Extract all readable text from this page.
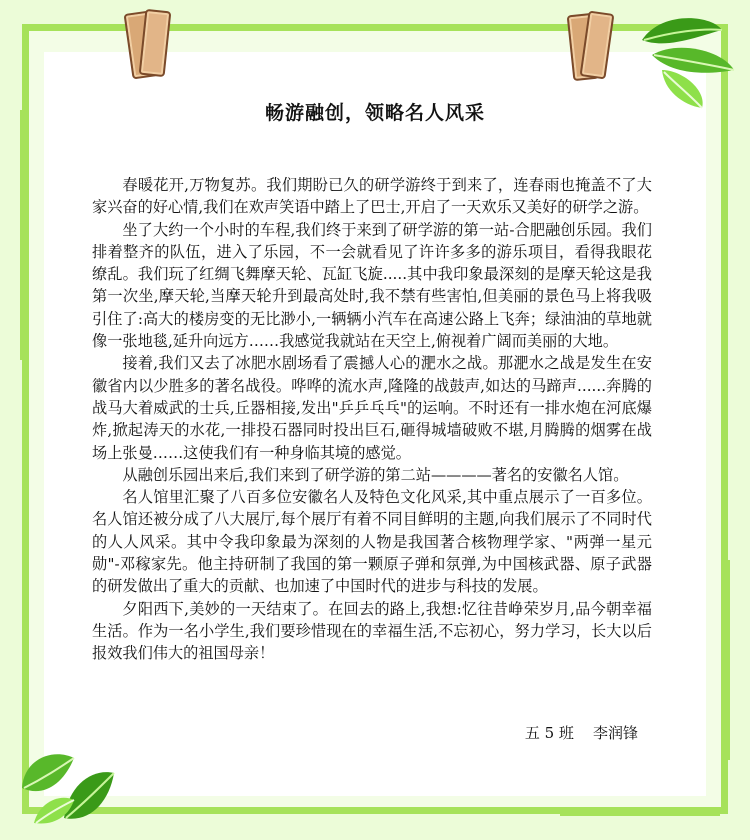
畅游融创，领略名人风采

春暖花开,万物复苏。我们期盼已久的研学游终于到来了，连春雨也掩盖不了大家兴奋的好心情,我们在欢声笑语中踏上了巴士,开启了一天欢乐又美好的研学之游。

坐了大约一个小时的车程,我们终于来到了研学游的第一站-合肥融创乐园。我们排着整齐的队伍，进入了乐园，不一会就看见了许许多多的游乐项目，看得我眼花缭乱。我们玩了红绸飞舞摩天轮、瓦缸飞旋.....其中我印象最深刻的是摩天轮这是我第一次坐,摩天轮,当摩天轮升到最高处时,我不禁有些害怕,但美丽的景色马上将我吸引住了:高大的楼房变的无比渺小,一辆辆小汽车在高速公路上飞奔；绿油油的草地就像一张地毯,延升向远方……我感觉我就站在天空上,俯视着广阔而美丽的大地。

接着,我们又去了冰肥水剧场看了震撼人心的淝水之战。那淝水之战是发生在安徽省内以少胜多的著名战役。哗哗的流水声,隆隆的战鼓声,如达的马蹄声......奔腾的战马大着威武的士兵,丘器相接,发出"乒乒乓乓"的运响。不时还有一排水炮在河底爆炸,掀起涛天的水花,一排投石器同时投出巨石,砸得城墙破败不堪,月腾腾的烟雾在战场上张曼……这使我们有一种身临其境的感觉。

从融创乐园出来后,我们来到了研学游的第二站————著名的安徽名人馆。

名人馆里汇聚了八百多位安徽名人及特色文化风采,其中重点展示了一百多位。名人馆还被分成了八大展厅,每个展厅有着不同目鲜明的主题,向我们展示了不同时代的人人风采。其中令我印象最为深刻的人物是我国著合核物理学家、"两弹一星元勋"-邓稼家先。他主持研制了我国的第一颗原子弹和氛弹,为中国核武器、原子武器的研发做出了重大的贡献、也加速了中国时代的进步与科技的发展。

夕阳西下,美妙的一天结束了。在回去的路上,我想:忆往昔峥荣岁月,品今朝幸福生活。作为一名小学生,我们要珍惜现在的幸福生活,不忘初心，努力学习，长大以后报效我们伟大的祖国母亲！

五 5 班    李润锋
